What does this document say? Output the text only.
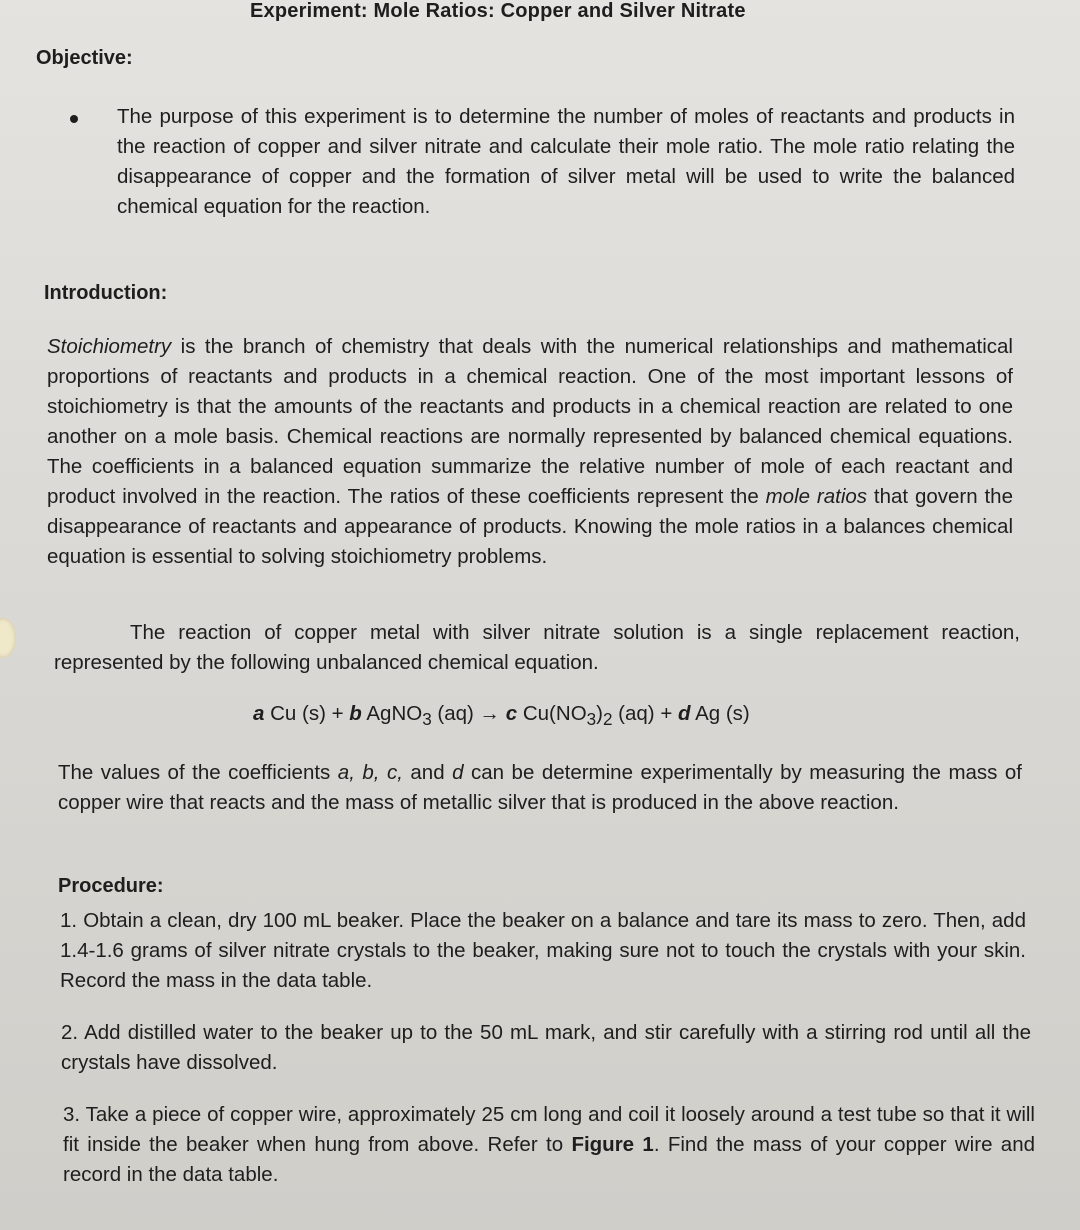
Experiment: Mole Ratios: Copper and Silver Nitrate
Objective:
The purpose of this experiment is to determine the number of moles of reactants and products in the reaction of copper and silver nitrate and calculate their mole ratio. The mole ratio relating the disappearance of copper and the formation of silver metal will be used to write the balanced chemical equation for the reaction.
Introduction:

Stoichiometry is the branch of chemistry that deals with the numerical relationships and mathematical proportions of reactants and products in a chemical reaction. One of the most important lessons of stoichiometry is that the amounts of the reactants and products in a chemical reaction are related to one another on a mole basis. Chemical reactions are normally represented by balanced chemical equations. The coefficients in a balanced equation summarize the relative number of mole of each reactant and product involved in the reaction. The ratios of these coefficients represent the mole ratios that govern the disappearance of reactants and appearance of products. Knowing the mole ratios in a balances chemical equation is essential to solving stoichiometry problems.

The reaction of copper metal with silver nitrate solution is a single replacement reaction, represented by the following unbalanced chemical equation.

a Cu (s) + b AgNO$_3$ (aq) → c $Cu(NO_3)_2$ (aq) + d Ag (s)

The values of the coefficients a, b, c, and d can be determine experimentally by measuring the mass of copper wire that reacts and the mass of metallic silver that is produced in the above reaction.

Procedure:

1. Obtain a clean, dry 100 mL beaker. Place the beaker on a balance and tare its mass to zero. Then, add 1.4-1.6 grams of silver nitrate crystals to the beaker, making sure not to touch the crystals with your skin. Record the mass in the data table.

2. Add distilled water to the beaker up to the 50 mL mark, and stir carefully with a stirring rod until all the crystals have dissolved.

3. Take a piece of copper wire, approximately 25 cm long and coil it loosely around a test tube so that it will fit inside the beaker when hung from above. Refer to Figure 1. Find the mass of your copper wire and record in the data table.
